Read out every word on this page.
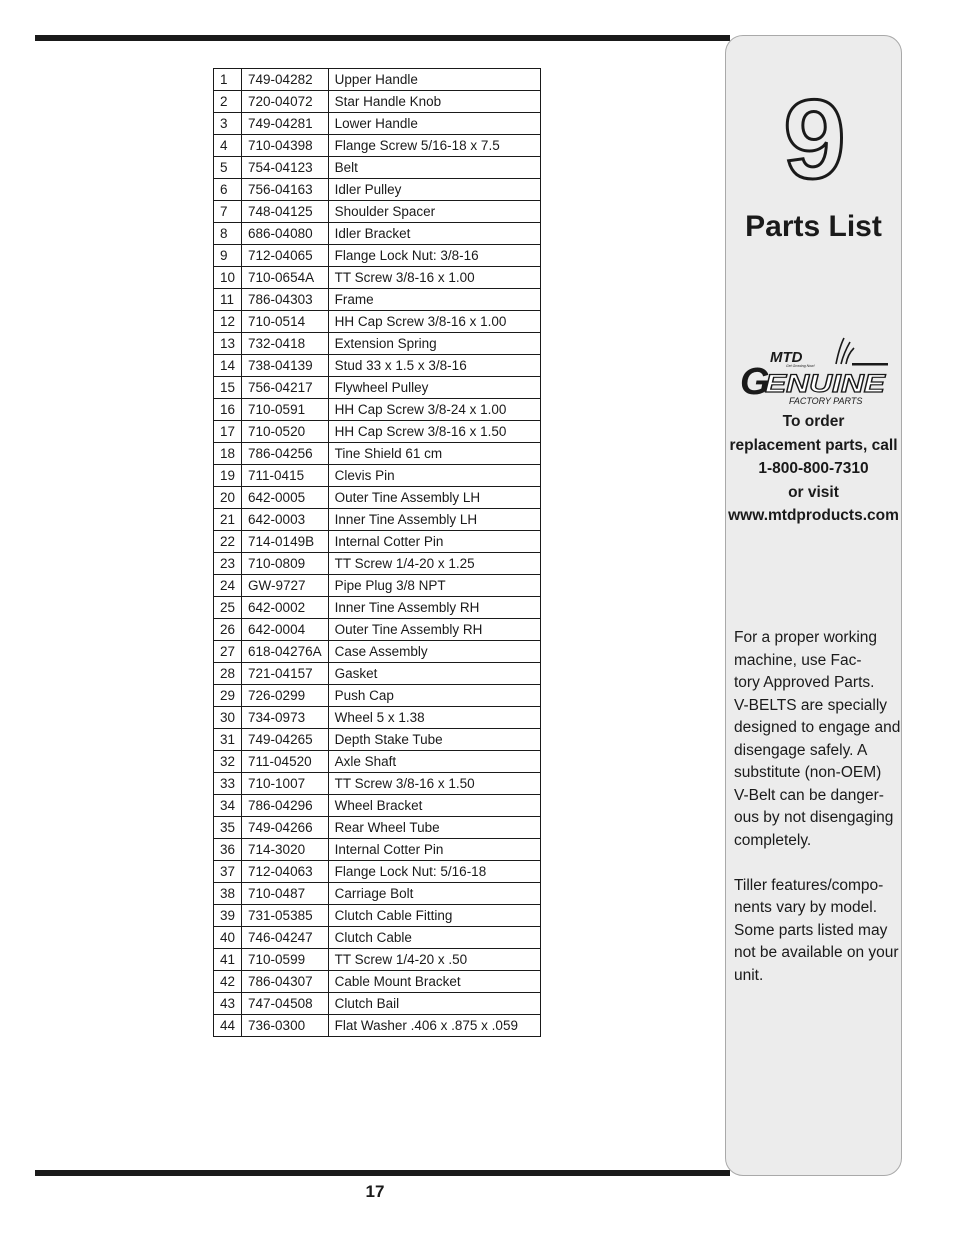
1	749-04282	Upper Handle
2	720-04072	Star Handle Knob
3	749-04281	Lower Handle
4	710-04398	Flange Screw 5/16-18 x 7.5
5	754-04123	Belt
6	756-04163	Idler Pulley
7	748-04125	Shoulder Spacer
8	686-04080	Idler Bracket
9	712-04065	Flange Lock Nut: 3/8-16
10	710-0654A	TT Screw 3/8-16 x 1.00
11	786-04303	Frame
12	710-0514	HH Cap Screw 3/8-16 x 1.00
13	732-0418	Extension Spring
14	738-04139	Stud 33 x 1.5 x 3/8-16
15	756-04217	Flywheel Pulley
16	710-0591	HH Cap Screw 3/8-24 x 1.00
17	710-0520	HH Cap Screw 3/8-16 x 1.50
18	786-04256	Tine Shield 61 cm
19	711-0415	Clevis Pin
20	642-0005	Outer Tine Assembly LH
21	642-0003	Inner Tine Assembly LH
22	714-0149B	Internal Cotter Pin
23	710-0809	TT Screw 1/4-20 x 1.25
24	GW-9727	Pipe Plug 3/8 NPT
25	642-0002	Inner Tine Assembly RH
26	642-0004	Outer Tine Assembly RH
27	618-04276A	Case Assembly
28	721-04157	Gasket
29	726-0299	Push Cap
30	734-0973	Wheel 5 x 1.38
31	749-04265	Depth Stake Tube
32	711-04520	Axle Shaft
33	710-1007	TT Screw 3/8-16 x 1.50
34	786-04296	Wheel Bracket
35	749-04266	Rear Wheel Tube
36	714-3020	Internal Cotter Pin
37	712-04063	Flange Lock Nut: 5/16-18
38	710-0487	Carriage Bolt
39	731-05385	Clutch Cable Fitting
40	746-04247	Clutch Cable
41	710-0599	TT Screw 1/4-20 x .50
42	786-04307	Cable Mount Bracket
43	747-04508	Clutch Bail
44	736-0300	Flat Washer .406 x .875 x .059
9
Parts List
MTD
Get Growing Now!
G
ENUINE
FACTORY PARTS
To order
replacement parts, call
1-800-800-7310
or visit
www.mtdproducts.com

For a proper working
machine, use Fac-
tory Approved Parts.
V-BELTS are specially
designed to engage and
disengage safely. A
substitute (non-OEM)
V-Belt can be danger-
ous by not disengaging
completely.

Tiller features/compo-
nents vary by model.
Some parts listed may
not be available on your
unit.

17
